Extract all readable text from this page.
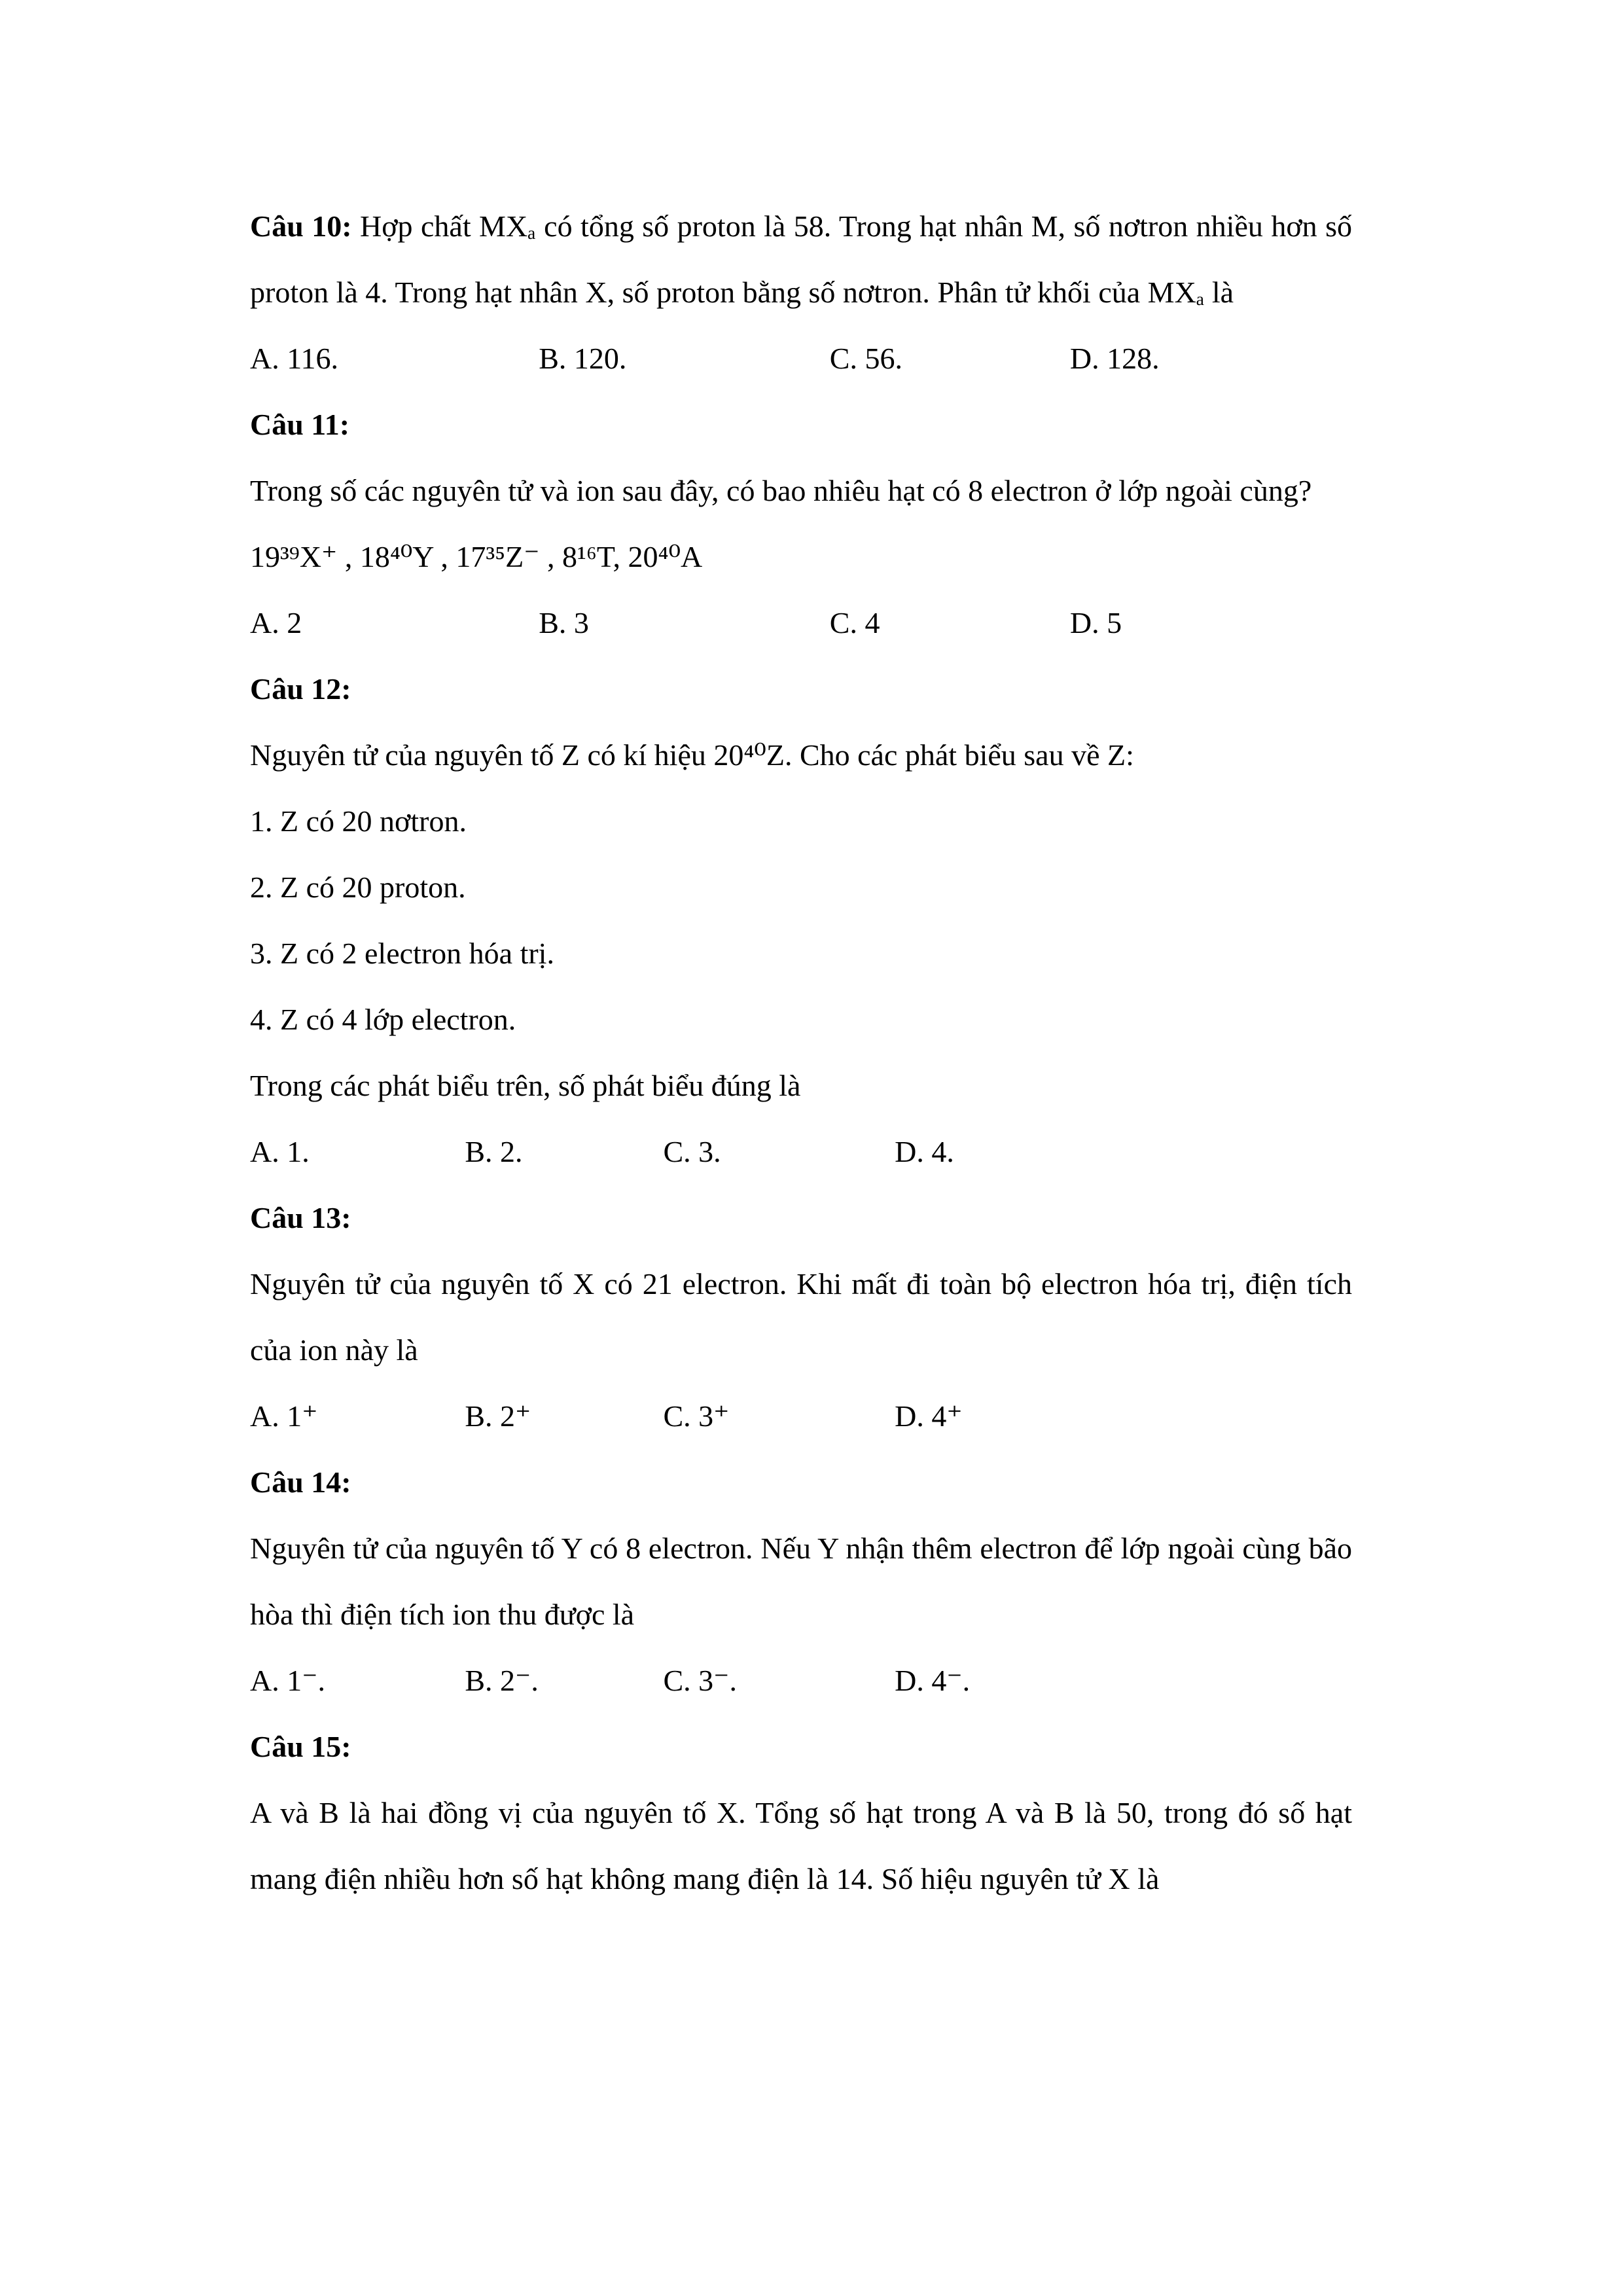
Câu 10: Hợp chất MXₐ có tổng số proton là 58. Trong hạt nhân M, số nơtron nhiều hơn số proton là 4. Trong hạt nhân X, số proton bằng số nơtron. Phân tử khối của MXₐ là

A. 116.	B. 120.	C. 56.	D. 128.

Câu 11:

Trong số các nguyên tử và ion sau đây, có bao nhiêu hạt có 8 electron ở lớp ngoài cùng?

19³⁹X⁺ , 18⁴⁰Y , 17³⁵Z⁻ , 8¹⁶T, 20⁴⁰A

A. 2	B. 3	C. 4	D. 5

Câu 12:

Nguyên tử của nguyên tố Z có kí hiệu 20⁴⁰Z. Cho các phát biểu sau về Z:

1. Z có 20 nơtron.

2. Z có 20 proton.

3. Z có 2 electron hóa trị.

4. Z có 4 lớp electron.

Trong các phát biểu trên, số phát biểu đúng là

A. 1.	B. 2.	C. 3.	D. 4.

Câu 13:

Nguyên tử của nguyên tố X có 21 electron. Khi mất đi toàn bộ electron hóa trị, điện tích của ion này là

A. 1⁺	B. 2⁺	C. 3⁺	D. 4⁺

Câu 14:

Nguyên tử của nguyên tố Y có 8 electron. Nếu Y nhận thêm electron để lớp ngoài cùng bão hòa thì điện tích ion thu được là

A. 1⁻.	B. 2⁻.	C. 3⁻.	D. 4⁻.

Câu 15:

A và B là hai đồng vị của nguyên tố X. Tổng số hạt trong A và B là 50, trong đó số hạt mang điện nhiều hơn số hạt không mang điện là 14. Số hiệu nguyên tử X là
